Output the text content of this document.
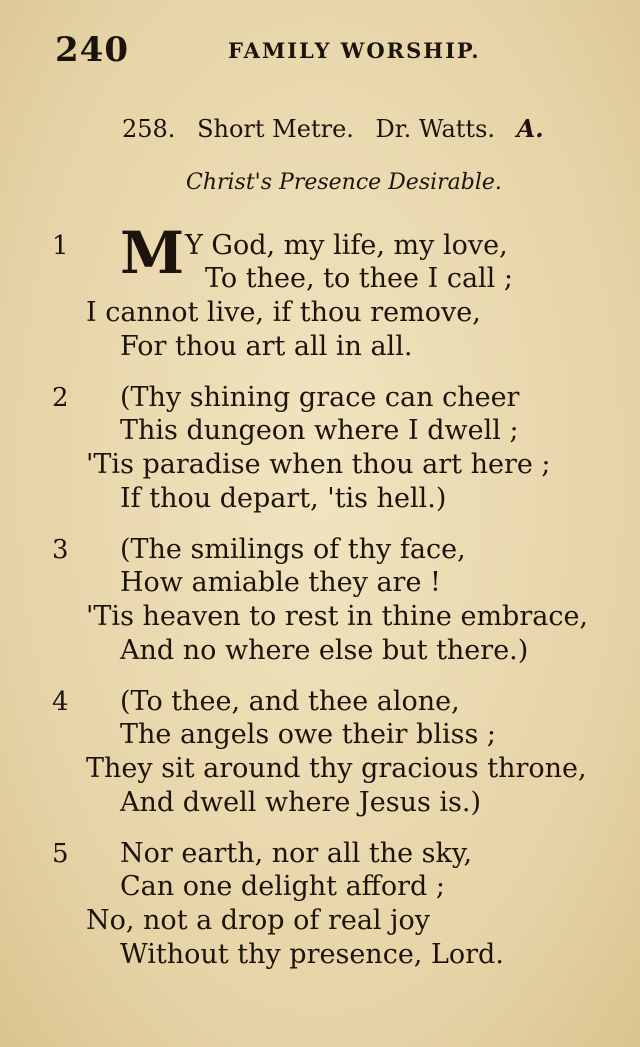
240	FAMILY WORSHIP.
258. Short Metre. Dr. Watts. A.
Christ's Presence Desirable.
1 M Y God, my life, my love,
To thee, to thee I call ;
I cannot live, if thou remove,
For thou art all in all.
2 (Thy shining grace can cheer
This dungeon where I dwell ;
'Tis paradise when thou art here ;
If thou depart, 'tis hell.)
3 (The smilings of thy face,
How amiable they are !
'Tis heaven to rest in thine embrace,
And no where else but there.)
4 (To thee, and thee alone,
The angels owe their bliss ;
They sit around thy gracious throne,
And dwell where Jesus is.)
5 Nor earth, nor all the sky,
Can one delight afford ;
No, not a drop of real joy
Without thy presence, Lord.
